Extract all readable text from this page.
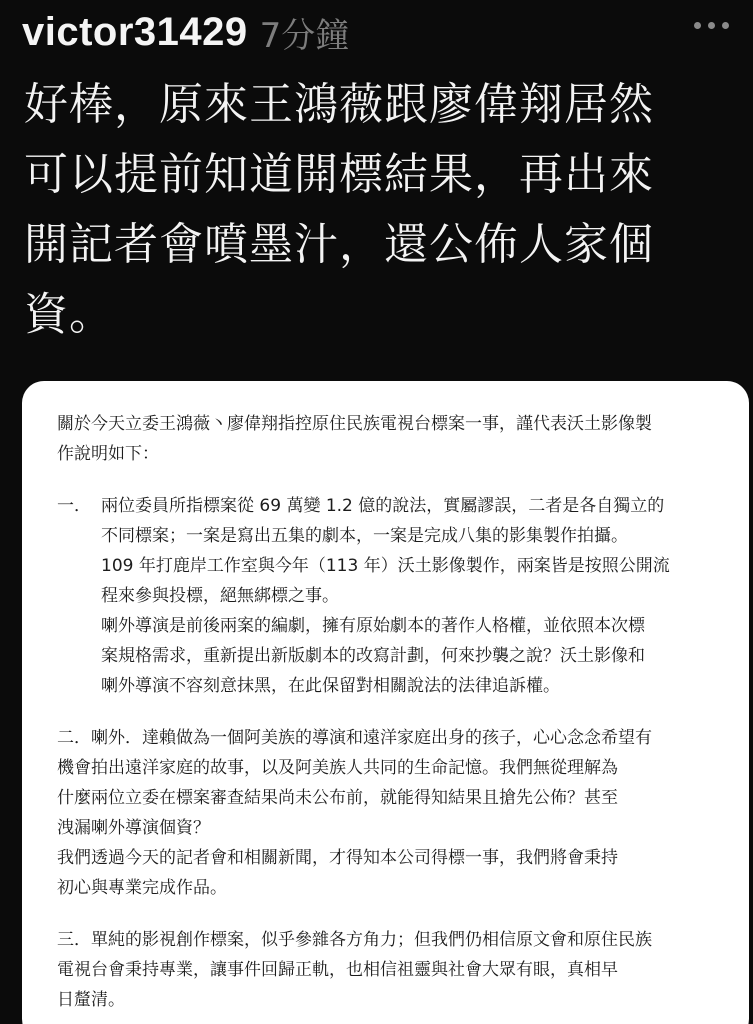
victor31429 7分鐘

好棒，原來王鴻薇跟廖偉翔居然
可以提前知道開標結果，再出來
開記者會噴墨汁，還公佈人家個
資。

關於今天立委王鴻薇丶廖偉翔指控原住民族電視台標案一事，謹代表沃土影像製
作說明如下：

一． 兩位委員所指標案從 69 萬變 1.2 億的說法，實屬謬誤，二者是各自獨立的
不同標案；一案是寫出五集的劇本，一案是完成八集的影集製作拍攝。
109 年打鹿岸工作室與今年（113 年）沃土影像製作，兩案皆是按照公開流
程來參與投標，絕無綁標之事。
喇外導演是前後兩案的編劇，擁有原始劇本的著作人格權，並依照本次標
案規格需求，重新提出新版劇本的改寫計劃，何來抄襲之說？沃土影像和
喇外導演不容刻意抹黑，在此保留對相關說法的法律追訴權。

二．喇外．達賴做為一個阿美族的導演和遠洋家庭出身的孩子，心心念念希望有
機會拍出遠洋家庭的故事，以及阿美族人共同的生命記憶。我們無從理解為
什麼兩位立委在標案審查結果尚未公布前，就能得知結果且搶先公佈？甚至
洩漏喇外導演個資？
我們透過今天的記者會和相關新聞，才得知本公司得標一事，我們將會秉持
初心與專業完成作品。

三．單純的影視創作標案，似乎參雜各方角力；但我們仍相信原文會和原住民族
電視台會秉持專業，讓事件回歸正軌，也相信祖靈與社會大眾有眼，真相早
日釐清。
